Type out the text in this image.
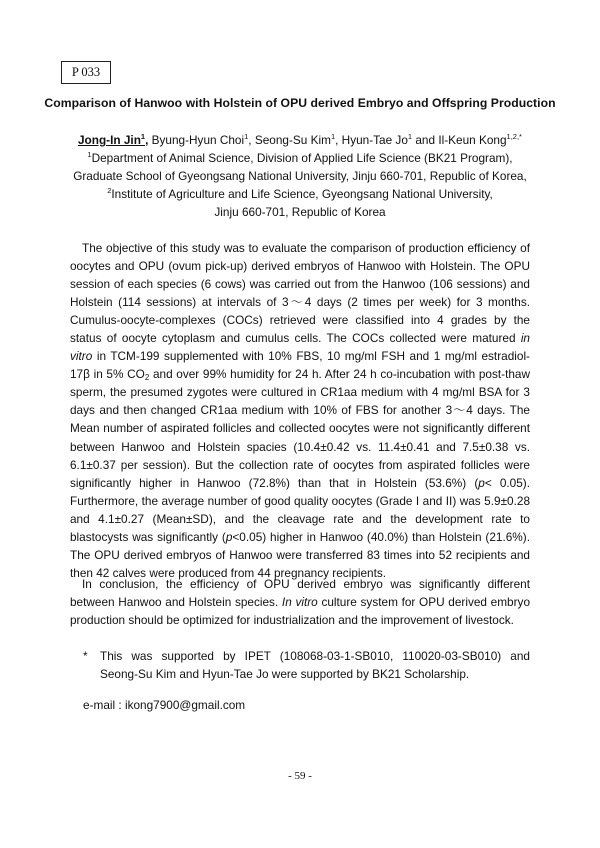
P 033
Comparison of Hanwoo with Holstein of OPU derived Embryo and Offspring Production
Jong-In Jin$^1$, Byung-Hyun Choi$^1$, Seong-Su Kim$^1$, Hyun-Tae Jo$^1$ and Il-Keun Kong$^{1,2,*}$

$^1$Department of Animal Science, Division of Applied Life Science (BK21 Program),

Graduate School of Gyeongsang National University, Jinju 660-701, Republic of Korea,

$^2$Institute of Agriculture and Life Science, Gyeongsang National University,

Jinju 660-701, Republic of Korea

The objective of this study was to evaluate the comparison of production efficiency of oocytes and OPU (ovum pick-up) derived embryos of Hanwoo with Holstein. The OPU session of each species (6 cows) was carried out from the Hanwoo (106 sessions) and Holstein (114 sessions) at intervals of 3～4 days (2 times per week) for 3 months. Cumulus-oocyte-complexes (COCs) retrieved were classified into 4 grades by the status of oocyte cytoplasm and cumulus cells. The COCs collected were matured in vitro in TCM-199 supplemented with 10% FBS, 10 mg/ml FSH and 1 mg/ml estradiol-17β in 5% $CO_2$ and over 99% humidity for 24 h. After 24 h co-incubation with post-thaw sperm, the presumed zygotes were cultured in CR1aa medium with 4 mg/ml BSA for 3 days and then changed CR1aa medium with 10% of FBS for another 3～4 days. The Mean number of aspirated follicles and collected oocytes were not significantly different between Hanwoo and Holstein spacies (10.4±0.42 vs. 11.4±0.41 and 7.5±0.38 vs. 6.1±0.37 per session). But the collection rate of oocytes from aspirated follicles were significantly higher in Hanwoo (72.8%) than that in Holstein (53.6%) (p< 0.05). Furthermore, the average number of good quality oocytes (Grade I and II) was 5.9±0.28 and 4.1±0.27 (Mean±SD), and the cleavage rate and the development rate to blastocysts was significantly (p<0.05) higher in Hanwoo (40.0%) than Holstein (21.6%). The OPU derived embryos of Hanwoo were transferred 83 times into 52 recipients and then 42 calves were produced from 44 pregnancy recipients.

In conclusion, the efficiency of OPU derived embryo was significantly different between Hanwoo and Holstein species. In vitro culture system for OPU derived embryo production should be optimized for industrialization and the improvement of livestock.

*	This was supported by IPET (108068-03-1-SB010, 110020-03-SB010) and Seong-Su Kim and Hyun-Tae Jo were supported by BK21 Scholarship.
e-mail : ikong7900@gmail.com
- 59 -
